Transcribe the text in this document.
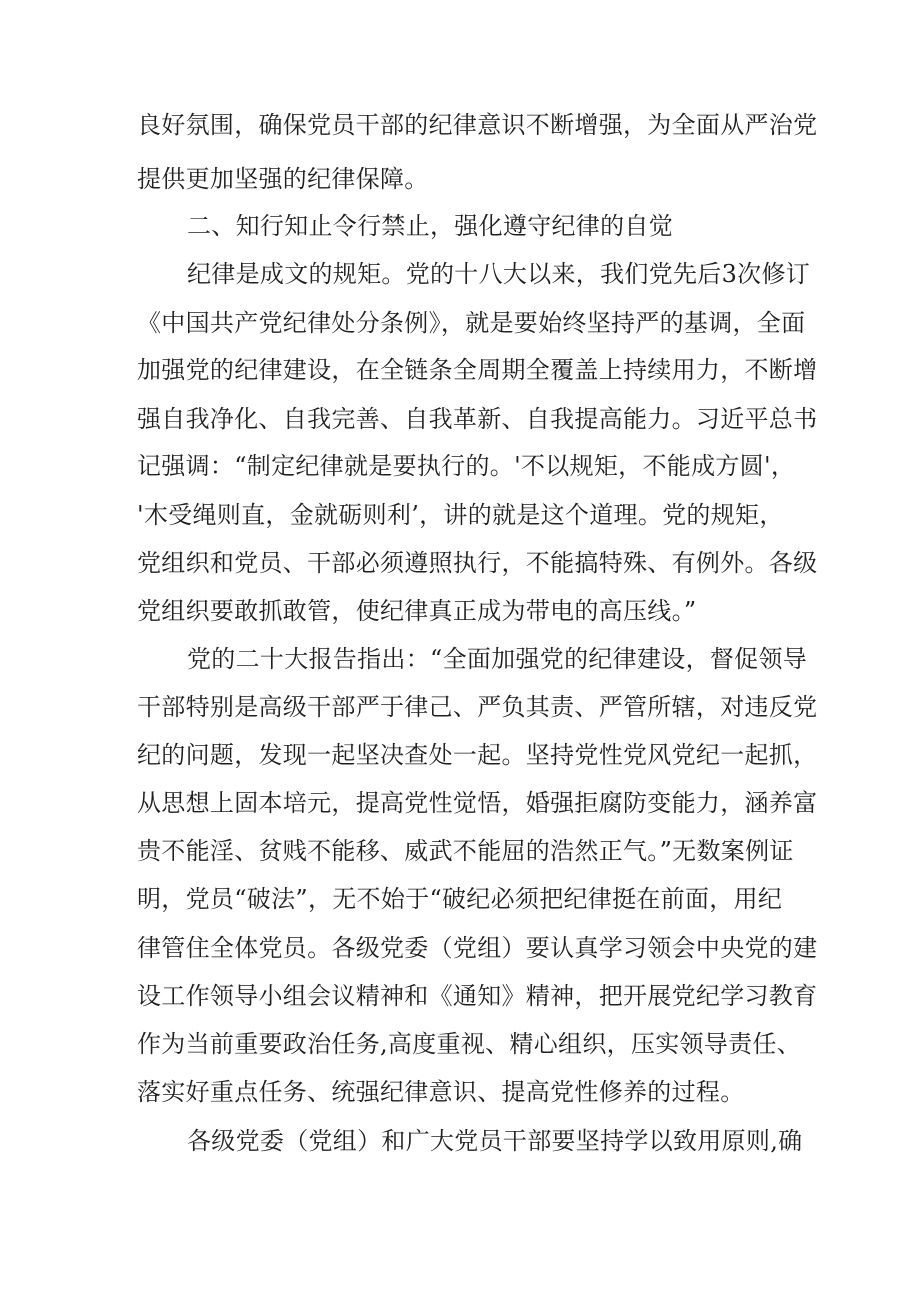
良好氛围，确保党员干部的纪律意识不断增强，为全面从严治党

提供更加坚强的纪律保障。

二、知行知止令行禁止，强化遵守纪律的自觉

纪律是成文的规矩。党的十八大以来，我们党先后3次修订

《中国共产党纪律处分条例》，就是要始终坚持严的基调，全面

加强党的纪律建设，在全链条全周期全覆盖上持续用力，不断增

强自我净化、自我完善、自我革新、自我提高能力。习近平总书

记强调：“制定纪律就是要执行的。'不以规矩，不能成方圆'，

'木受绳则直，金就砺则利’，讲的就是这个道理。党的规矩，

党组织和党员、干部必须遵照执行，不能搞特殊、有例外。各级

党组织要敢抓敢管，使纪律真正成为带电的高压线。”

党的二十大报告指出：“全面加强党的纪律建设，督促领导

干部特别是高级干部严于律己、严负其责、严管所辖，对违反党

纪的问题，发现一起坚决查处一起。坚持党性党风党纪一起抓，

从思想上固本培元，提高党性觉悟，婚强拒腐防变能力，涵养富

贵不能淫、贫贱不能移、威武不能屈的浩然正气。”无数案例证

明，党员“破法”，无不始于“破纪必须把纪律挺在前面，用纪

律管住全体党员。各级党委（党组）要认真学习领会中央党的建

设工作领导小组会议精神和《通知》精神，把开展党纪学习教育

作为当前重要政治任务,高度重视、精心组织，压实领导责任、

落实好重点任务、统强纪律意识、提高党性修养的过程。

各级党委（党组）和广大党员干部要坚持学以致用原则,确
